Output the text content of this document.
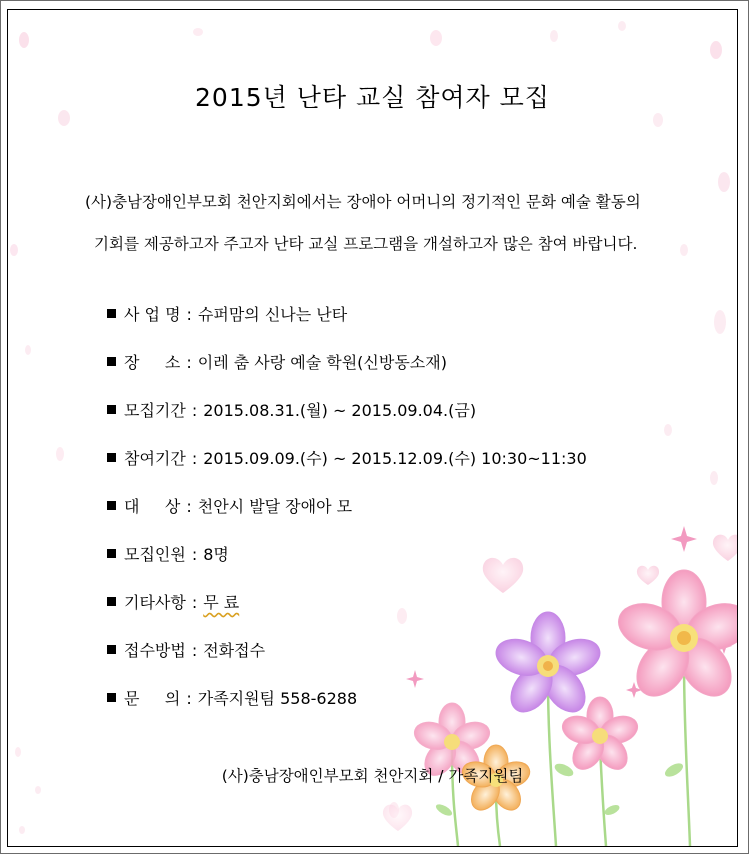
2015년 난타 교실 참여자 모집
(사)충남장애인부모회 천안지회에서는 장애아 어머니의 정기적인 문화 예술 활동의
기회를 제공하고자 주고자 난타 교실 프로그램을 개설하고자 많은 참여 바랍니다.
사 업 명 : 슈퍼맘의 신나는 난타
장     소 : 이레 춤 사랑 예술 학원(신방동소재)
모집기간 : 2015.08.31.(월) ~ 2015.09.04.(금)
참여기간 : 2015.09.09.(수) ~ 2015.12.09.(수) 10:30~11:30
대     상 : 천안시 발달 장애아 모
모집인원 : 8명
기타사항 : 무 료
접수방법 : 전화접수
문     의 : 가족지원팀 558-6288
(사)충남장애인부모회 천안지회 / 가족지원팀
